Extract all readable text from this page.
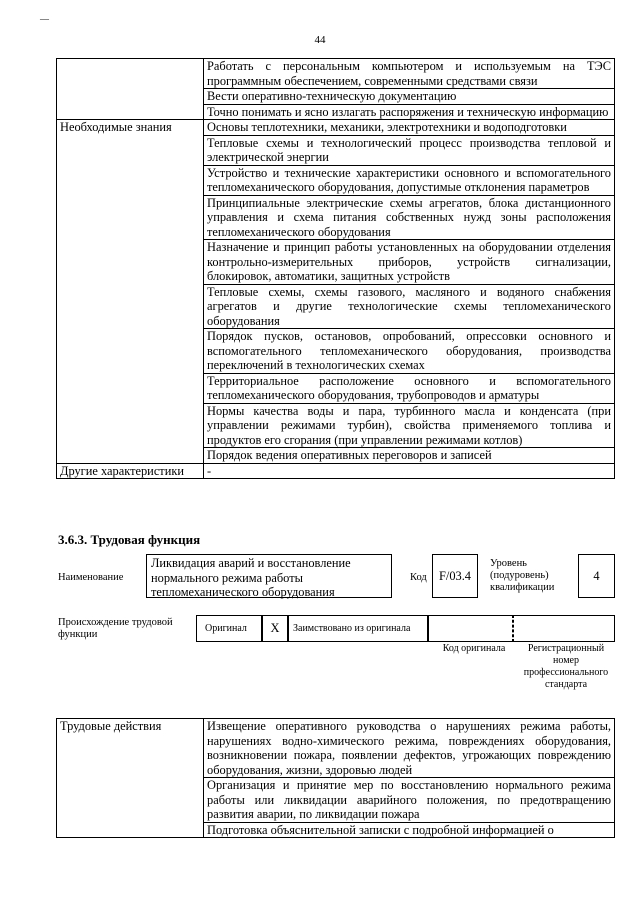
—
44
	Работать с персональным компьютером и используемым на ТЭС программным обеспечением, современными средствами связи
	Вести оперативно-техническую документацию
	Точно понимать и ясно излагать распоряжения и техническую информацию
Необходимые знания	Основы теплотехники, механики, электротехники и водоподготовки
	Тепловые схемы и технологический процесс производства тепловой и электрической энергии
	Устройство и технические характеристики основного и вспомогательного тепломеханического оборудования, допустимые отклонения параметров
	Принципиальные электрические схемы агрегатов, блока дистанционного управления и схема питания собственных нужд зоны расположения тепломеханического оборудования
	Назначение и принцип работы установленных на оборудовании отделения контрольно-измерительных приборов, устройств сигнализации, блокировок, автоматики, защитных устройств
	Тепловые схемы, схемы газового, масляного и водяного снабжения агрегатов и другие технологические схемы тепломеханического оборудования
	Порядок пусков, остановов, опробований, опрессовки основного и вспомогательного тепломеханического оборудования, производства переключений в технологических схемах
	Территориальное расположение основного и вспомогательного тепломеханического оборудования, трубопроводов и арматуры
	Нормы качества воды и пара, турбинного масла и конденсата (при управлении режимами турбин), свойства применяемого топлива и продуктов его сгорания (при управлении режимами котлов)
	Порядок ведения оперативных переговоров и записей
Другие характеристики	-
3.6.3. Трудовая функция
Наименование
Ликвидация аварий и восстановление нормального режима работы тепломеханического оборудования
Код F/03.4
Уровень (подуровень) квалификации
4
Происхождение трудовой функции
Оригинал X Заимствовано из оригинала
Код оригинала	Регистрационный номер профессионального стандарта
Трудовые действия	Извещение оперативного руководства о нарушениях режима работы, нарушениях водно-химического режима, повреждениях оборудования, возникновении пожара, появлении дефектов, угрожающих повреждению оборудования, жизни, здоровью людей
	Организация и принятие мер по восстановлению нормального режима работы или ликвидации аварийного положения, по предотвращению развития аварии, по ликвидации пожара
	Подготовка объяснительной записки с подробной информацией о
